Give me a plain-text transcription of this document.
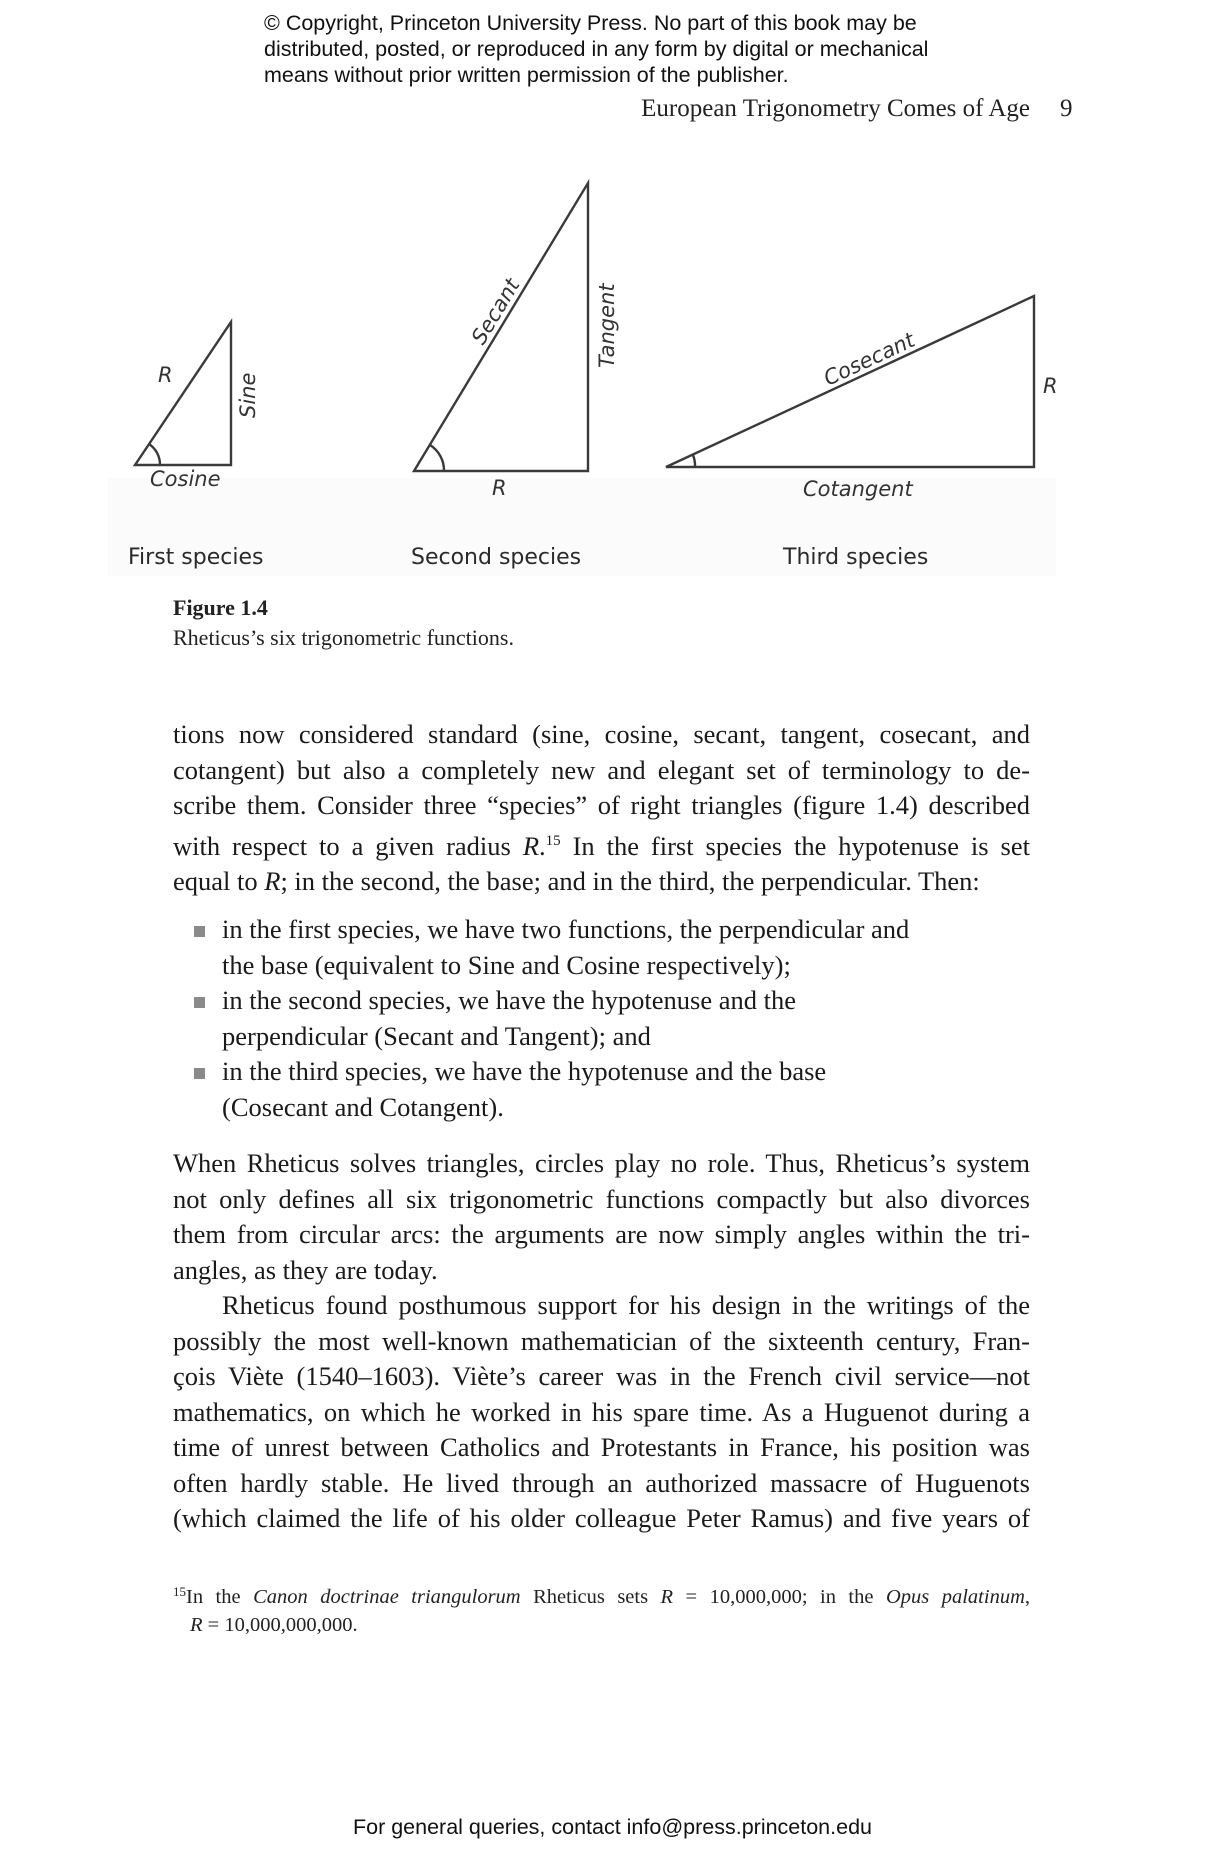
© Copyright, Princeton University Press. No part of this book may be
distributed, posted, or reproduced in any form by digital or mechanical
means without prior written permission of the publisher.
European Trigonometry Comes of Age 9
R	Sine
Cosine
First species
Secant	Tangent
R
Second species
Cosecant	R
Cotangent
Third species
Figure 1.4
Rheticus’s six trigonometric functions.
tions now considered standard (sine, cosine, secant, tangent, cosecant, and
cotangent) but also a completely new and elegant set of terminology to de-
scribe them. Consider three “species” of right triangles (figure 1.4) described
with respect to a given radius R.$^{15}$ In the first species the hypotenuse is set
equal to R; in the second, the base; and in the third, the perpendicular. Then:
in the first species, we have two functions, the perpendicular and
the base (equivalent to Sine and Cosine respectively);
in the second species, we have the hypotenuse and the
perpendicular (Secant and Tangent); and
in the third species, we have the hypotenuse and the base
(Cosecant and Cotangent).
When Rheticus solves triangles, circles play no role. Thus, Rheticus’s system
not only defines all six trigonometric functions compactly but also divorces
them from circular arcs: the arguments are now simply angles within the tri-
angles, as they are today.
Rheticus found posthumous support for his design in the writings of the
possibly the most well-known mathematician of the sixteenth century, Fran-
çois Viète (1540–1603). Viète’s career was in the French civil service—not
mathematics, on which he worked in his spare time. As a Huguenot during a
time of unrest between Catholics and Protestants in France, his position was
often hardly stable. He lived through an authorized massacre of Huguenots
(which claimed the life of his older colleague Peter Ramus) and five years of
$^{15}$In the Canon doctrinae triangulorum Rheticus sets R = 10,000,000; in the Opus palatinum,
R = 10,000,000,000.
For general queries, contact info@press.princeton.edu
